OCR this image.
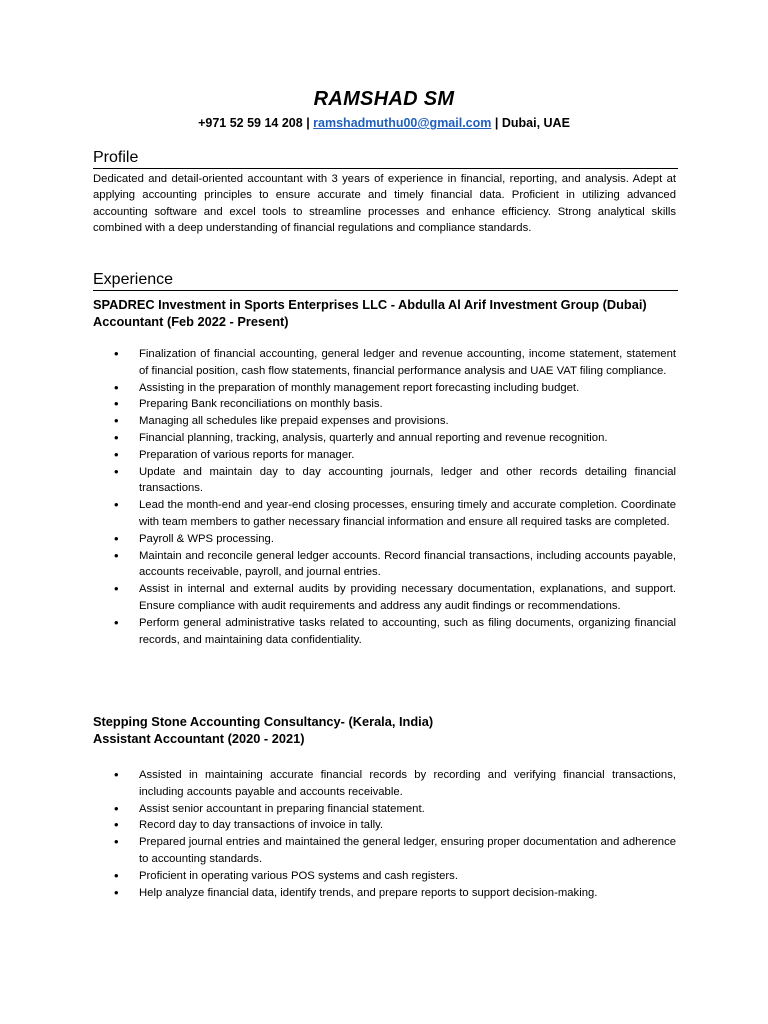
RAMSHAD SM
+971 52 59 14 208 | ramshadmuthu00@gmail.com | Dubai, UAE
Profile
Dedicated and detail-oriented accountant with 3 years of experience in financial, reporting, and analysis. Adept at applying accounting principles to ensure accurate and timely financial data. Proficient in utilizing advanced accounting software and excel tools to streamline processes and enhance efficiency. Strong analytical skills combined with a deep understanding of financial regulations and compliance standards.
Experience
SPADREC Investment in Sports Enterprises LLC - Abdulla Al Arif Investment Group (Dubai)
Accountant (Feb 2022 - Present)
• Finalization of financial accounting, general ledger and revenue accounting, income statement, statement of financial position, cash flow statements, financial performance analysis and UAE VAT filing compliance.
• Assisting in the preparation of monthly management report forecasting including budget.
• Preparing Bank reconciliations on monthly basis.
• Managing all schedules like prepaid expenses and provisions.
• Financial planning, tracking, analysis, quarterly and annual reporting and revenue recognition.
• Preparation of various reports for manager.
• Update and maintain day to day accounting journals, ledger and other records detailing financial transactions.
• Lead the month-end and year-end closing processes, ensuring timely and accurate completion. Coordinate with team members to gather necessary financial information and ensure all required tasks are completed.
• Payroll & WPS processing.
• Maintain and reconcile general ledger accounts. Record financial transactions, including accounts payable, accounts receivable, payroll, and journal entries.
• Assist in internal and external audits by providing necessary documentation, explanations, and support. Ensure compliance with audit requirements and address any audit findings or recommendations.
• Perform general administrative tasks related to accounting, such as filing documents, organizing financial records, and maintaining data confidentiality.
Stepping Stone Accounting Consultancy- (Kerala, India)
Assistant Accountant (2020 - 2021)
• Assisted in maintaining accurate financial records by recording and verifying financial transactions, including accounts payable and accounts receivable.
• Assist senior accountant in preparing financial statement.
• Record day to day transactions of invoice in tally.
• Prepared journal entries and maintained the general ledger, ensuring proper documentation and adherence to accounting standards.
• Proficient in operating various POS systems and cash registers.
• Help analyze financial data, identify trends, and prepare reports to support decision-making.
